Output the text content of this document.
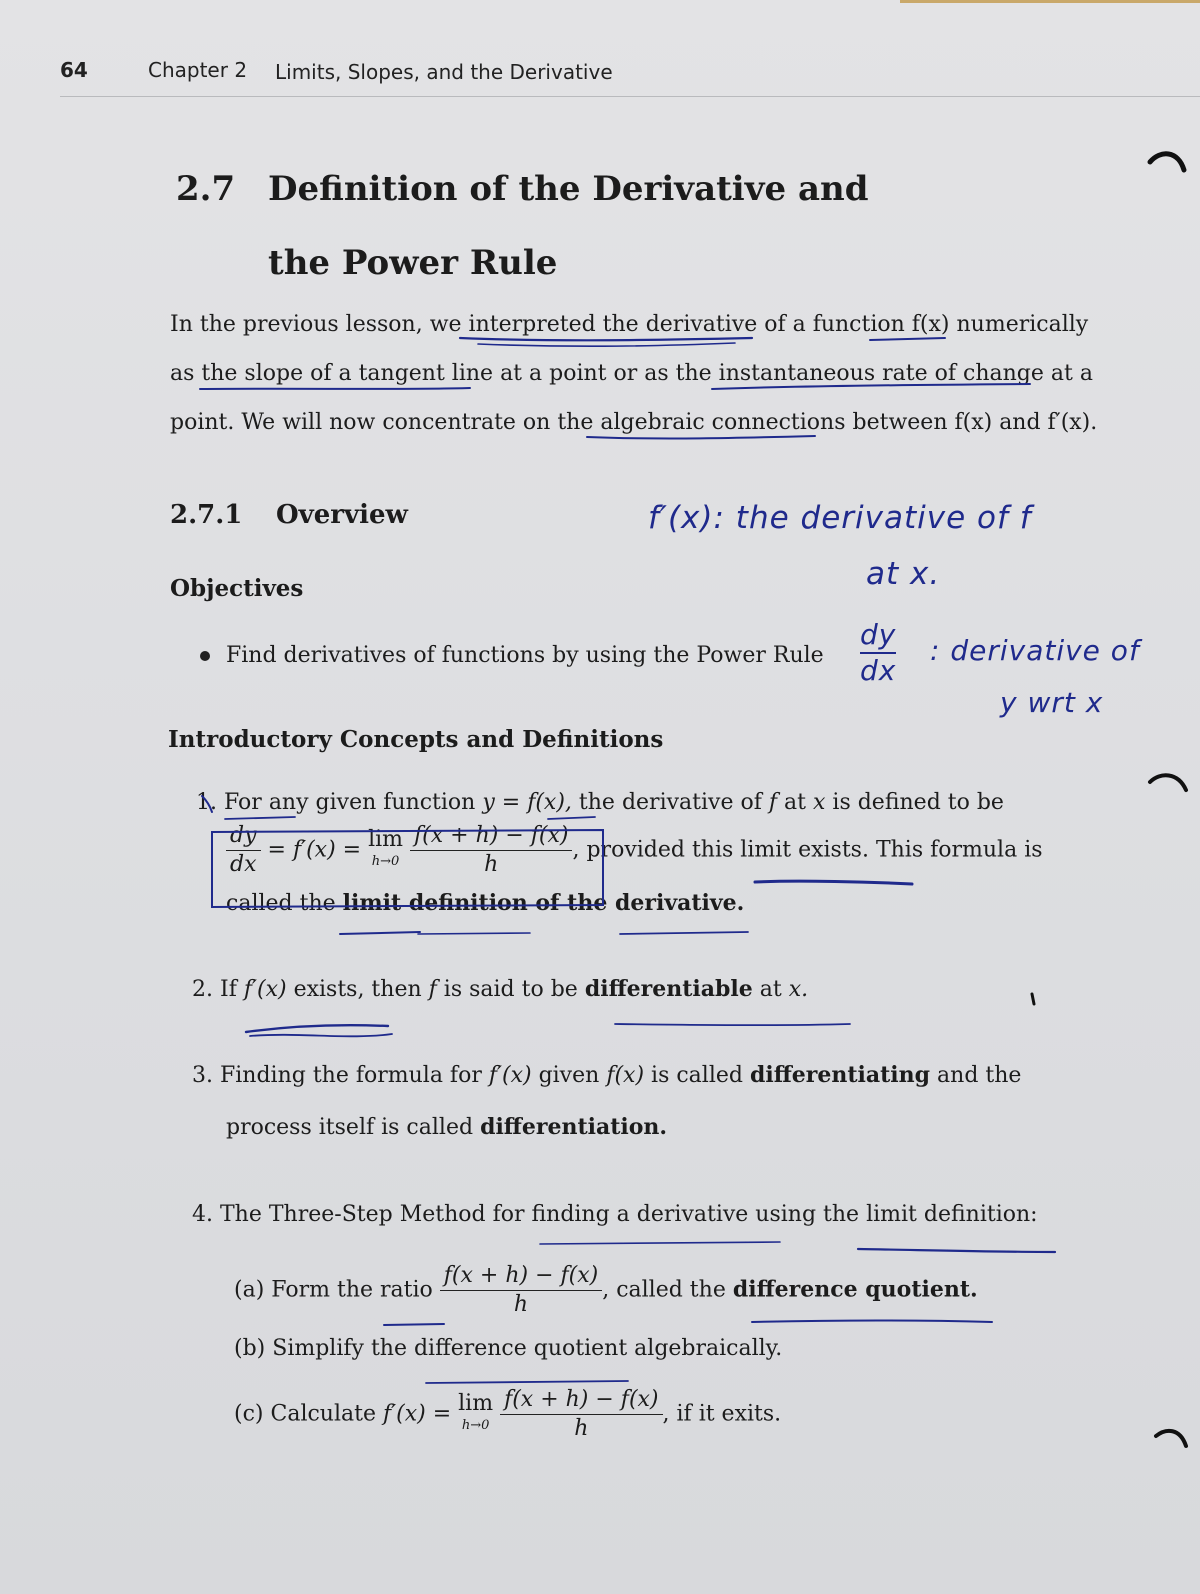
64	Chapter 2 Limits, Slopes, and the Derivative
2.7 Definition of the Derivative and
the Power Rule
In the previous lesson, we interpreted the derivative of a function f(x) numerically
as the slope of a tangent line at a point or as the instantaneous rate of change at a
point. We will now concentrate on the algebraic connections between f(x) and f′(x).
2.7.1 Overview
Objectives
Find derivatives of functions by using the Power Rule
Introductory Concepts and Definitions
1. For any given function y = f(x), the derivative of f at x is defined to be
$\frac{dy}{dx} = f'(x) = \lim$
h→0
$\frac{f(x + h) - f(x)}{h}$ , provided this limit exists. This formula is
called the limit definition of the derivative.
2. If f′(x) exists, then f is said to be differentiable at x.
3. Finding the formula for f′(x) given f(x) is called differentiating and the
process itself is called differentiation.
4. The Three-Step Method for finding a derivative using the limit definition:
(a) Form the ratio $\frac{f(x + h) - f(x)}{h}$ , called the difference quotient.
(b) Simplify the difference quotient algebraically.
(c) Calculate f′(x) = lim
h→0
$\frac{f(x + h) - f(x)}{h}$ , if it exits.
f′(x): the derivative of f
at x.
dy
dx
: derivative of
y wrt x
